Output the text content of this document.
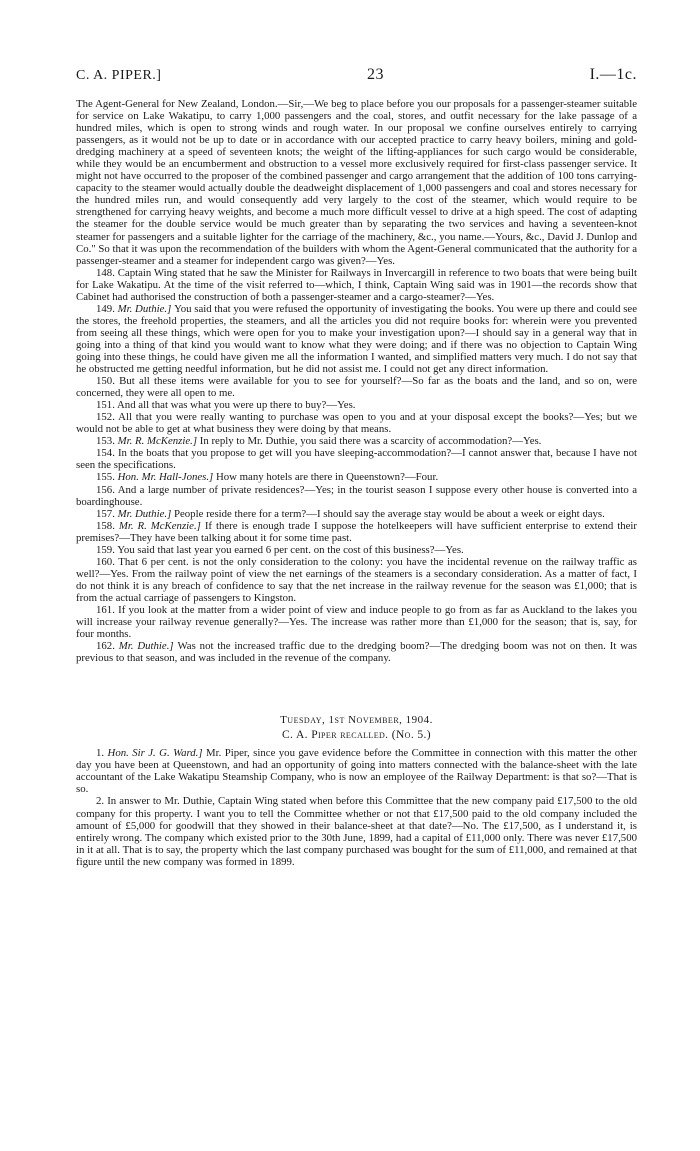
C. A. PIPER.]	23	I.—1c.

The Agent-General for New Zealand, London.—Sir,—We beg to place before you our proposals for a passenger-steamer suitable for service on Lake Wakatipu, to carry 1,000 passengers and the coal, stores, and outfit necessary for the lake passage of a hundred miles, which is open to strong winds and rough water. In our proposal we confine ourselves entirely to carrying passengers, as it would not be up to date or in accordance with our accepted practice to carry heavy boilers, mining and gold-dredging machinery at a speed of seventeen knots; the weight of the lifting-appliances for such cargo would be considerable, while they would be an encumberment and obstruction to a vessel more exclusively required for first-class passenger service. It might not have occurred to the proposer of the combined passenger and cargo arrangement that the addition of 100 tons carrying-capacity to the steamer would actually double the deadweight displacement of 1,000 passengers and coal and stores necessary for the hundred miles run, and would consequently add very largely to the cost of the steamer, which would require to be strengthened for carrying heavy weights, and become a much more difficult vessel to drive at a high speed. The cost of adapting the steamer for the double service would be much greater than by separating the two services and having a seventeen-knot steamer for passengers and a suitable lighter for the carriage of the machinery, &c., you name.—Yours, &c., David J. Dunlop and Co." So that it was upon the recommendation of the builders with whom the Agent-General communicated that the authority for a passenger-steamer and a steamer for independent cargo was given?—Yes.

148. Captain Wing stated that he saw the Minister for Railways in Invercargill in reference to two boats that were being built for Lake Wakatipu. At the time of the visit referred to—which, I think, Captain Wing said was in 1901—the records show that Cabinet had authorised the construction of both a passenger-steamer and a cargo-steamer?—Yes.

149. Mr. Duthie.] You said that you were refused the opportunity of investigating the books. You were up there and could see the stores, the freehold properties, the steamers, and all the articles you did not require books for: wherein were you prevented from seeing all these things, which were open for you to make your investigation upon?—I should say in a general way that in going into a thing of that kind you would want to know what they were doing; and if there was no objection to Captain Wing going into these things, he could have given me all the information I wanted, and simplified matters very much. I do not say that he obstructed me getting needful information, but he did not assist me. I could not get any direct information.

150. But all these items were available for you to see for yourself?—So far as the boats and the land, and so on, were concerned, they were all open to me.

151. And all that was what you were up there to buy?—Yes.

152. All that you were really wanting to purchase was open to you and at your disposal except the books?—Yes; but we would not be able to get at what business they were doing by that means.

153. Mr. R. McKenzie.] In reply to Mr. Duthie, you said there was a scarcity of accommodation?—Yes.

154. In the boats that you propose to get will you have sleeping-accommodation?—I cannot answer that, because I have not seen the specifications.

155. Hon. Mr. Hall-Jones.] How many hotels are there in Queenstown?—Four.

156. And a large number of private residences?—Yes; in the tourist season I suppose every other house is converted into a boardinghouse.

157. Mr. Duthie.] People reside there for a term?—I should say the average stay would be about a week or eight days.

158. Mr. R. McKenzie.] If there is enough trade I suppose the hotelkeepers will have sufficient enterprise to extend their premises?—They have been talking about it for some time past.

159. You said that last year you earned 6 per cent. on the cost of this business?—Yes.

160. That 6 per cent. is not the only consideration to the colony: you have the incidental revenue on the railway traffic as well?—Yes. From the railway point of view the net earnings of the steamers is a secondary consideration. As a matter of fact, I do not think it is any breach of confidence to say that the net increase in the railway revenue for the season was £1,000; that is from the actual carriage of passengers to Kingston.

161. If you look at the matter from a wider point of view and induce people to go from as far as Auckland to the lakes you will increase your railway revenue generally?—Yes. The increase was rather more than £1,000 for the season; that is, say, for four months.

162. Mr. Duthie.] Was not the increased traffic due to the dredging boom?—The dredging boom was not on then. It was previous to that season, and was included in the revenue of the company.

Tuesday, 1st November, 1904.
C. A. Piper recalled. (No. 5.)

1. Hon. Sir J. G. Ward.] Mr. Piper, since you gave evidence before the Committee in connection with this matter the other day you have been at Queenstown, and had an opportunity of going into matters connected with the balance-sheet with the late accountant of the Lake Wakatipu Steamship Company, who is now an employee of the Railway Department: is that so?—That is so.

2. In answer to Mr. Duthie, Captain Wing stated when before this Committee that the new company paid £17,500 to the old company for this property. I want you to tell the Committee whether or not that £17,500 paid to the old company included the amount of £5,000 for goodwill that they showed in their balance-sheet at that date?—No. The £17,500, as I understand it, is entirely wrong. The company which existed prior to the 30th June, 1899, had a capital of £11,000 only. There was never £17,500 in it at all. That is to say, the property which the last company purchased was bought for the sum of £11,000, and remained at that figure until the new company was formed in 1899.
